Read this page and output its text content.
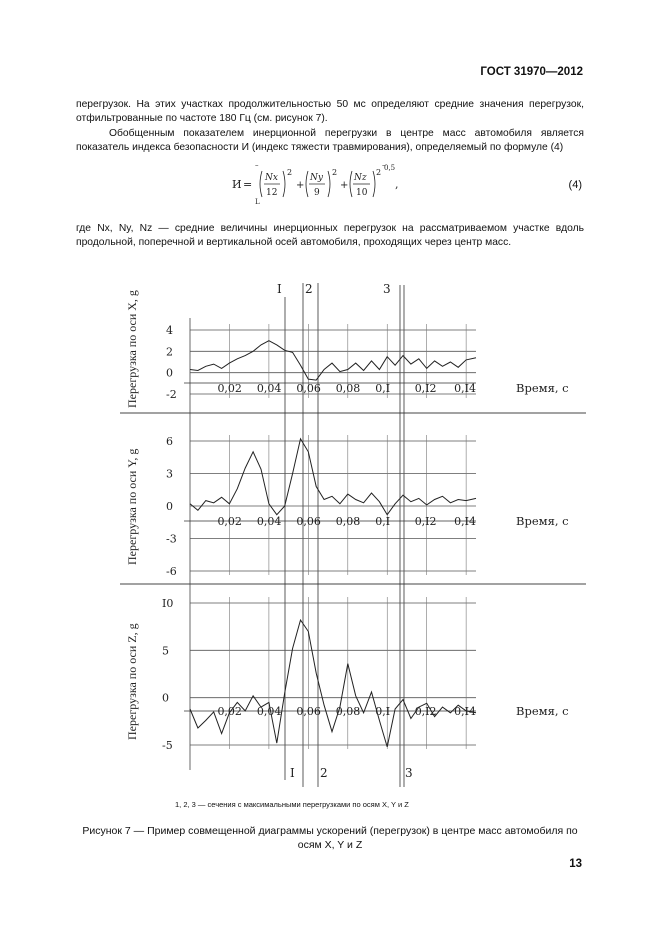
ГОСТ 31970—2012
перегрузок. На этих участках продолжительностью 50 мс определяют средние значения перегрузок, отфильтрованные по частоте 180 Гц (см. рисунок 7).
Обобщенным показателем инерционной перегрузки в центре масс автомобиля является показатель индекса безопасности И (индекс тяжести травмирования), определяемый по формуле (4)
И =
–
L
Nx
12
2
+
Ny
9
2
+
Nz
10
2
–
0,5
,	(4)
где Nx, Ny, Nz — средние величины инерционных перегрузок на рассматриваемом участке вдоль продольной, поперечной и вертикальной осей автомобиля, проходящих через центр масс.
4
2
0
-2	0,02 0,04 0,06 0,08 0,I 0,I2 0,I4	Время, с
6
3
0
-3
-6
0,02 0,04 0,06 0,08 0,I 0,I2 0,I4	Время, с
I0
5
0
-5
0,02 0,04 0,06 0,08 0,I 0,I2 0,I4	Время, с
I 2	3
I 2	3
Перегрузка по оси X, g
Перегрузка по оси Y, g
Перегрузка по оси Z, g
1, 2, 3 — сечения с максимальными перегрузками по осям X, Y и Z
Рисунок 7 — Пример совмещенной диаграммы ускорений (перегрузок) в центре масс автомобиля по осям X, Y и Z
13
